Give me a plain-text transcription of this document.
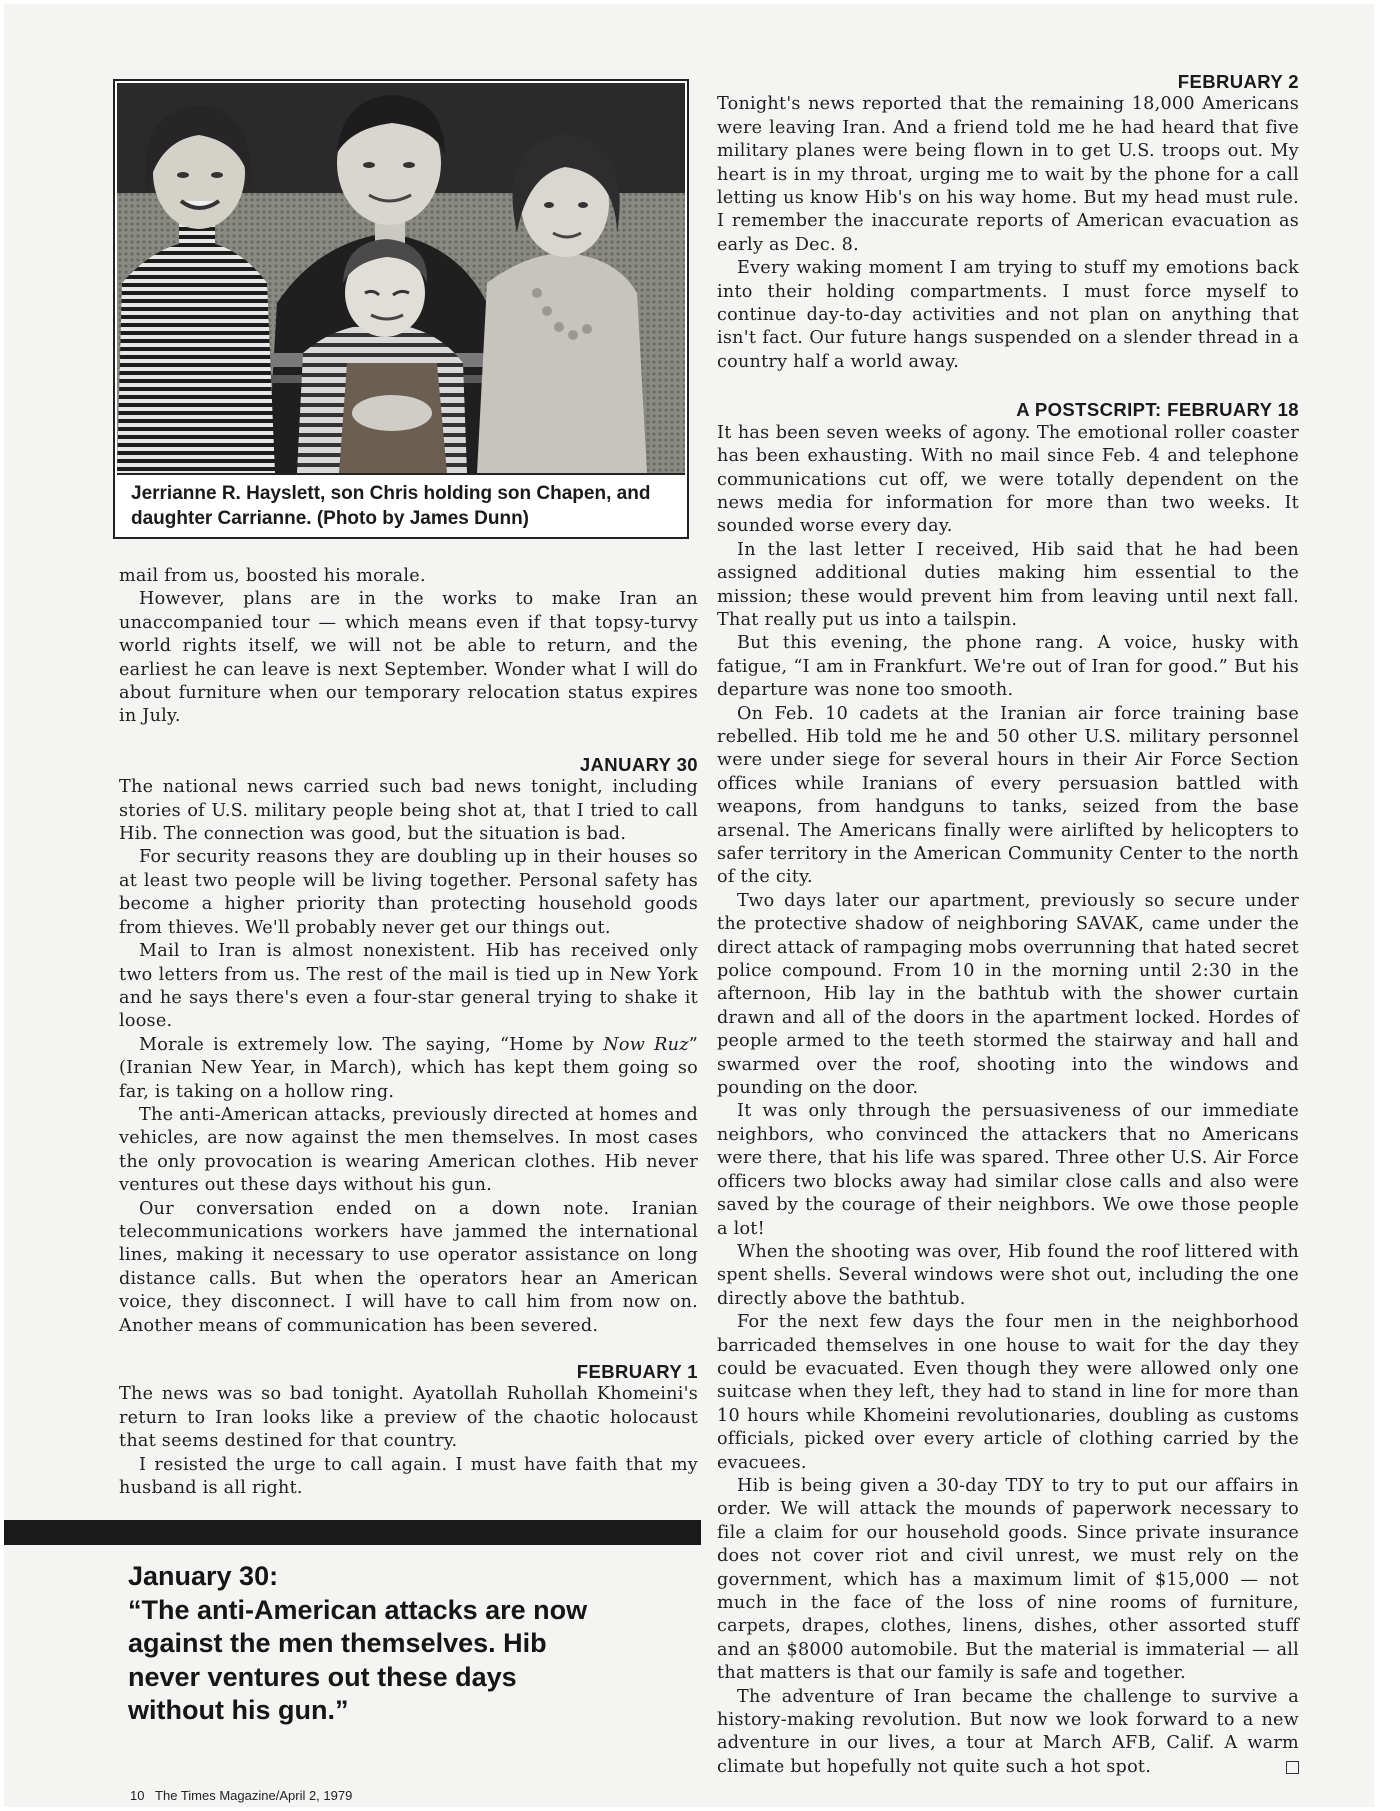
Jerrianne R. Hayslett, son Chris holding son Chapen, and daughter Carrianne. (Photo by James Dunn)

mail from us, boosted his morale.

However, plans are in the works to make Iran an unaccompanied tour — which means even if that topsy-turvy world rights itself, we will not be able to return, and the earliest he can leave is next September. Wonder what I will do about furniture when our temporary relocation status expires in July.

JANUARY 30

The national news carried such bad news tonight, including stories of U.S. military people being shot at, that I tried to call Hib. The connection was good, but the situation is bad.

For security reasons they are doubling up in their houses so at least two people will be living together. Personal safety has become a higher priority than protecting household goods from thieves. We'll probably never get our things out.

Mail to Iran is almost nonexistent. Hib has received only two letters from us. The rest of the mail is tied up in New York and he says there's even a four-star general trying to shake it loose.

Morale is extremely low. The saying, “Home by Now Ruz” (Iranian New Year, in March), which has kept them going so far, is taking on a hollow ring.

The anti-American attacks, previously directed at homes and vehicles, are now against the men themselves. In most cases the only provocation is wearing American clothes. Hib never ventures out these days without his gun.

Our conversation ended on a down note. Iranian telecommunications workers have jammed the international lines, making it necessary to use operator assistance on long distance calls. But when the operators hear an American voice, they disconnect. I will have to call him from now on. Another means of communication has been severed.

FEBRUARY 1

The news was so bad tonight. Ayatollah Ruhollah Khomeini's return to Iran looks like a preview of the chaotic holocaust that seems destined for that country.

I resisted the urge to call again. I must have faith that my husband is all right.

January 30:
“The anti-American attacks are now
against the men themselves. Hib
never ventures out these days
without his gun.”
FEBRUARY 2

Tonight's news reported that the remaining 18,000 Americans were leaving Iran. And a friend told me he had heard that five military planes were being flown in to get U.S. troops out. My heart is in my throat, urging me to wait by the phone for a call letting us know Hib's on his way home. But my head must rule. I remember the inaccurate reports of American evacuation as early as Dec. 8.

Every waking moment I am trying to stuff my emotions back into their holding compartments. I must force myself to continue day-to-day activities and not plan on anything that isn't fact. Our future hangs suspended on a slender thread in a country half a world away.

A POSTSCRIPT: FEBRUARY 18

It has been seven weeks of agony. The emotional roller coaster has been exhausting. With no mail since Feb. 4 and telephone communications cut off, we were totally dependent on the news media for information for more than two weeks. It sounded worse every day.

In the last letter I received, Hib said that he had been assigned additional duties making him essential to the mission; these would prevent him from leaving until next fall. That really put us into a tailspin.

But this evening, the phone rang. A voice, husky with fatigue, “I am in Frankfurt. We're out of Iran for good.” But his departure was none too smooth.

On Feb. 10 cadets at the Iranian air force training base rebelled. Hib told me he and 50 other U.S. military personnel were under siege for several hours in their Air Force Section offices while Iranians of every persuasion battled with weapons, from handguns to tanks, seized from the base arsenal. The Americans finally were airlifted by helicopters to safer territory in the American Community Center to the north of the city.

Two days later our apartment, previously so secure under the protective shadow of neighboring SAVAK, came under the direct attack of rampaging mobs overrunning that hated secret police compound. From 10 in the morning until 2:30 in the afternoon, Hib lay in the bathtub with the shower curtain drawn and all of the doors in the apartment locked. Hordes of people armed to the teeth stormed the stairway and hall and swarmed over the roof, shooting into the windows and pounding on the door.

It was only through the persuasiveness of our immediate neighbors, who convinced the attackers that no Americans were there, that his life was spared. Three other U.S. Air Force officers two blocks away had similar close calls and also were saved by the courage of their neighbors. We owe those people a lot!

When the shooting was over, Hib found the roof littered with spent shells. Several windows were shot out, including the one directly above the bathtub.

For the next few days the four men in the neighborhood barricaded themselves in one house to wait for the day they could be evacuated. Even though they were allowed only one suitcase when they left, they had to stand in line for more than 10 hours while Khomeini revolutionaries, doubling as customs officials, picked over every article of clothing carried by the evacuees.

Hib is being given a 30-day TDY to try to put our affairs in order. We will attack the mounds of paperwork necessary to file a claim for our household goods. Since private insurance does not cover riot and civil unrest, we must rely on the government, which has a maximum limit of $15,000 — not much in the face of the loss of nine rooms of furniture, carpets, drapes, clothes, linens, dishes, other assorted stuff and an $8000 automobile. But the material is immaterial — all that matters is that our family is safe and together.

The adventure of Iran became the challenge to survive a history-making revolution. But now we look forward to a new adventure in our lives, a tour at March AFB, Calif. A warm climate but hopefully not quite such a hot spot.

10   The Times Magazine/April 2, 1979
